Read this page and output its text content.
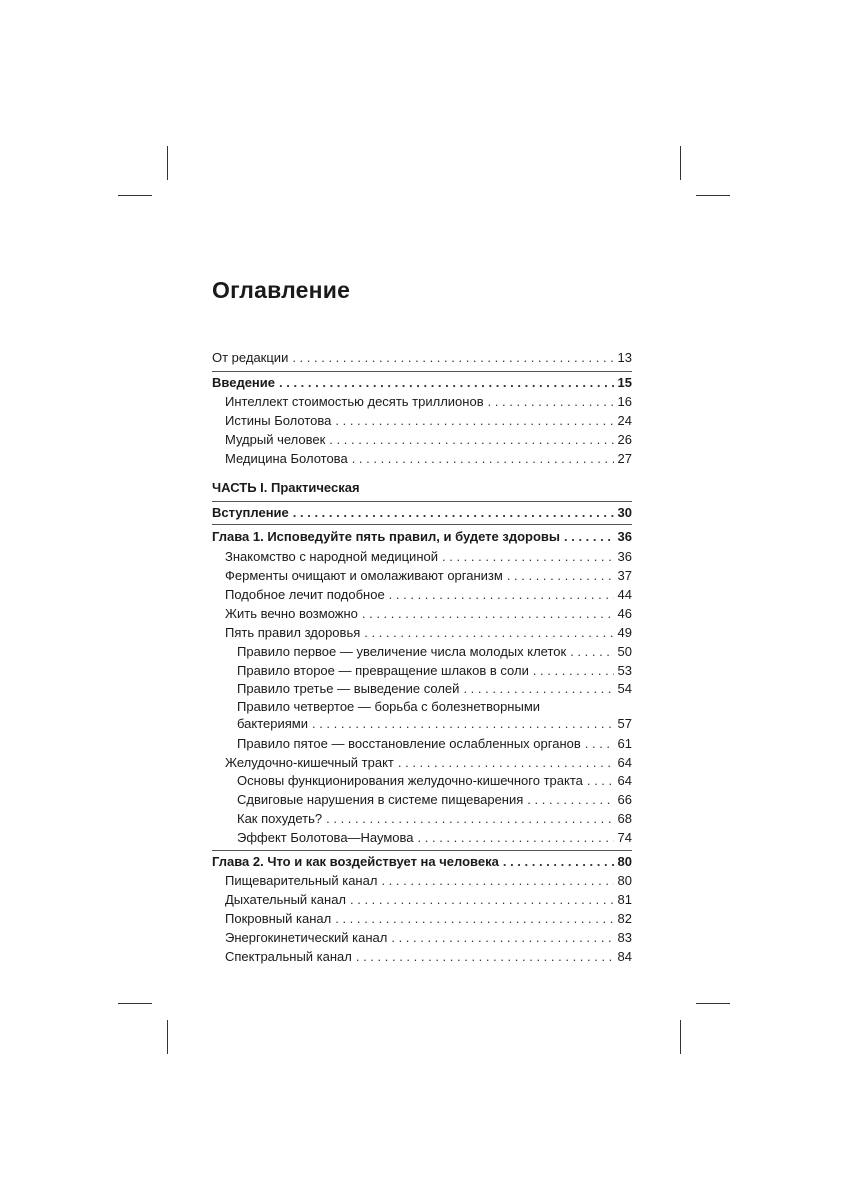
Оглавление
ЧАСТЬ I. Практическая
От редакции . . .	13
Введение . . .	15
Интеллект стоимостью десять триллионов . . .	16
Истины Болотова . . .	24
Мудрый человек . . .	26
Медицина Болотова . . .	27
Вступление . . .	30
Глава 1. Исповедуйте пять правил, и будете здоровы . . .	36
Знакомство с народной медициной . . .	36
Ферменты очищают и омолаживают организм . . .	37
Подобное лечит подобное . . .	44
Жить вечно возможно . . .	46
Пять правил здоровья . . .	49
Правило первое — увеличение числа молодых клеток . . .	50
Правило второе — превращение шлаков в соли . . .	53
Правило третье — выведение солей . . .	54
Правило четвертое — борьба с болезнетворными
бактериями . . .	57
Правило пятое — восстановление ослабленных органов . . .	61
Желудочно-кишечный тракт . . .	64
Основы функционирования желудочно-кишечного тракта . . .	64
Сдвиговые нарушения в системе пищеварения . . .	66
Как похудеть? . . .	68
Эффект Болотова—Наумова . . .	74
Глава 2. Что и как воздействует на человека . . .	80
Пищеварительный канал . . .	80
Дыхательный канал . . .	81
Покровный канал . . .	82
Энергокинетический канал . . .	83
Спектральный канал . . .	84
